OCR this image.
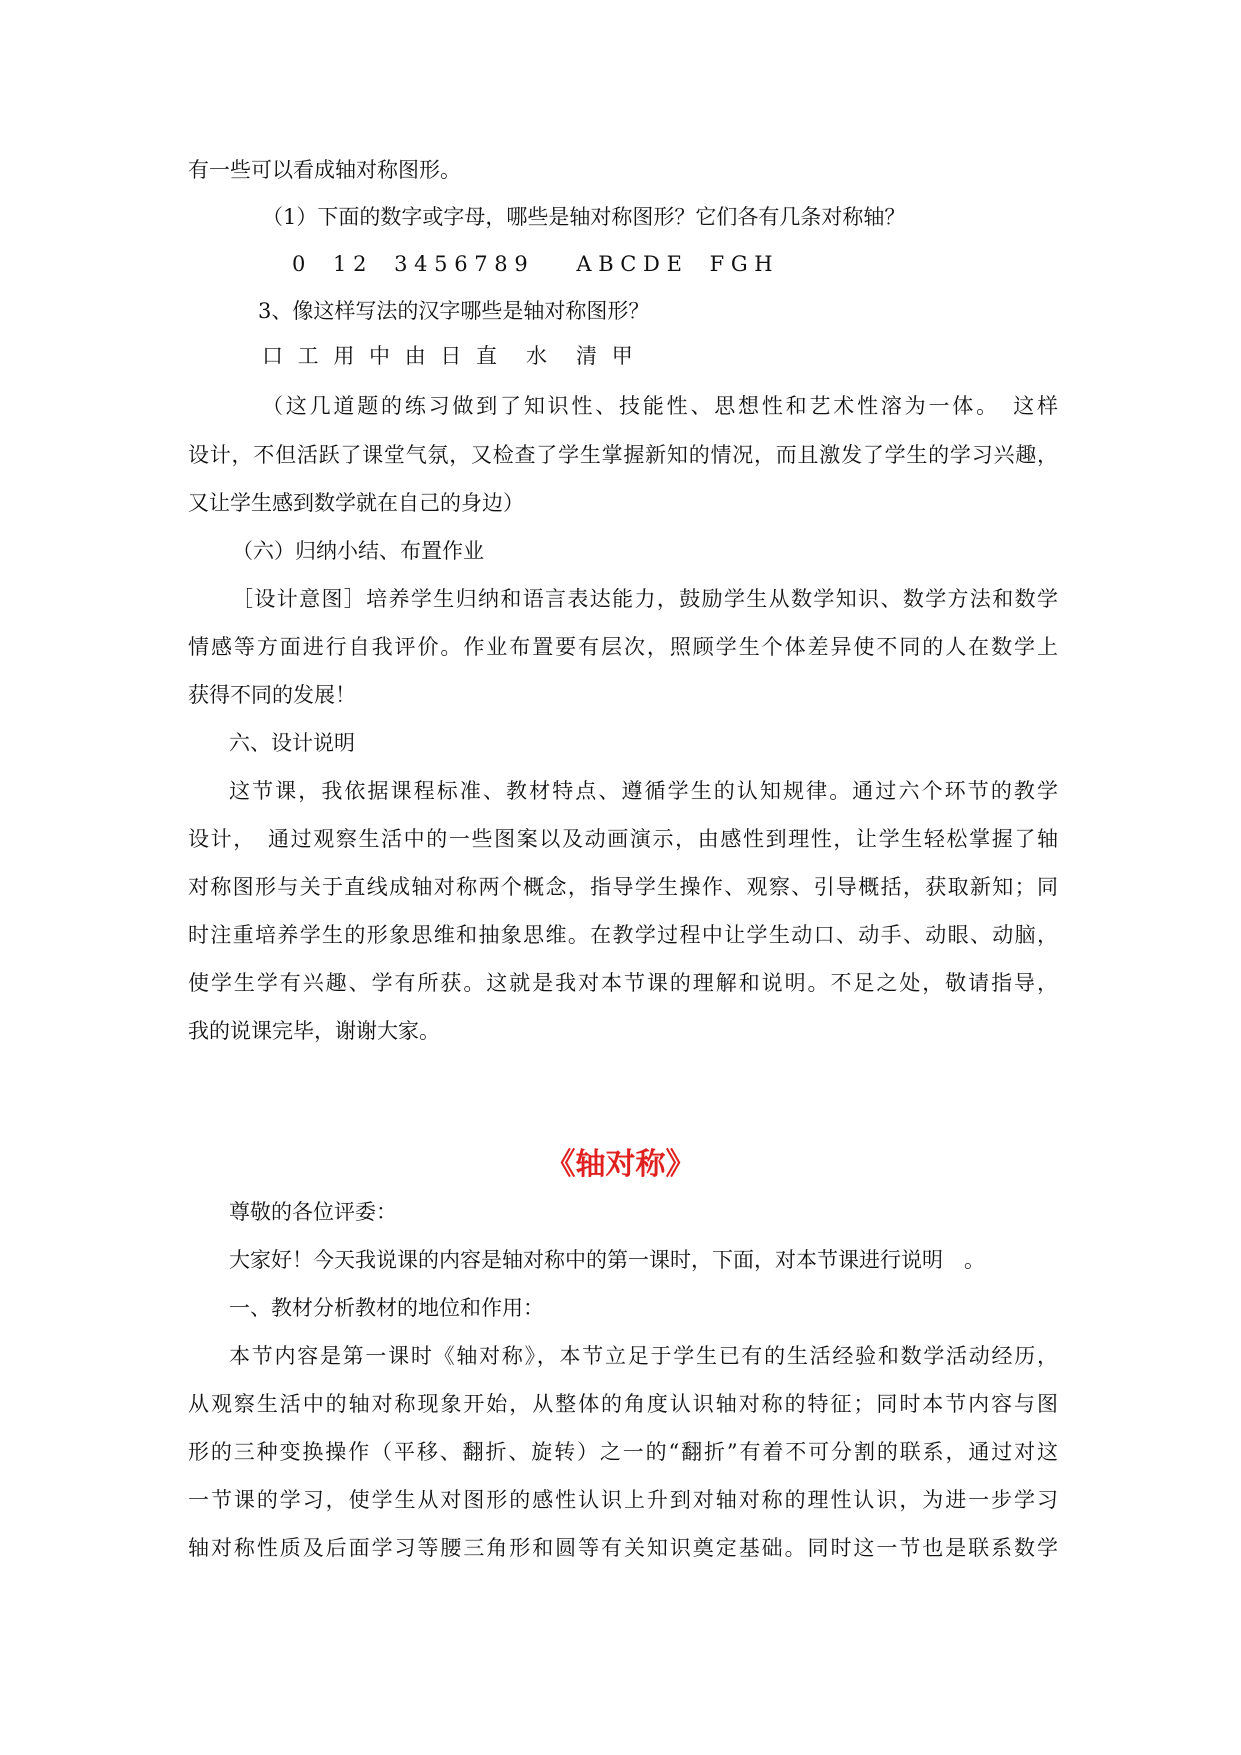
有一些可以看成轴对称图形。
（1）下面的数字或字母，哪些是轴对称图形？它们各有几条对称轴？
0　 1 2　 3 4 5 6 7 8 9　　 A B C D E　 F G H
3、像这样写法的汉字哪些是轴对称图形？
口 工 用 中 由 日 直　水　清 甲
（这几道题的练习做到了知识性、技能性、思想性和艺术性溶为一体。　这样
设计，不但活跃了课堂气氛，又检查了学生掌握新知的情况，而且激发了学生的学习兴趣，
又让学生感到数学就在自己的身边）
（六）归纳小结、布置作业
［设计意图］培养学生归纳和语言表达能力，鼓励学生从数学知识、数学方法和数学
情感等方面进行自我评价。作业布置要有层次，照顾学生个体差异使不同的人在数学上
获得不同的发展！
六、设计说明
这节课，我依据课程标准、教材特点、遵循学生的认知规律。通过六个环节的教学
设计，　通过观察生活中的一些图案以及动画演示，由感性到理性，让学生轻松掌握了轴
对称图形与关于直线成轴对称两个概念，指导学生操作、观察、引导概括，获取新知；同
时注重培养学生的形象思维和抽象思维。在教学过程中让学生动口、动手、动眼、动脑，
使学生学有兴趣、学有所获。这就是我对本节课的理解和说明。不足之处，敬请指导，
我的说课完毕，谢谢大家。
《轴对称》
尊敬的各位评委：
大家好！今天我说课的内容是轴对称中的第一课时，下面，对本节课进行说明　。
一、教材分析教材的地位和作用：
本节内容是第一课时《轴对称》，本节立足于学生已有的生活经验和数学活动经历，
从观察生活中的轴对称现象开始，从整体的角度认识轴对称的特征；同时本节内容与图
形的三种变换操作（平移、翻折、旋转）之一的“翻折”有着不可分割的联系，通过对这
一节课的学习，使学生从对图形的感性认识上升到对轴对称的理性认识，为进一步学习
轴对称性质及后面学习等腰三角形和圆等有关知识奠定基础。同时这一节也是联系数学
